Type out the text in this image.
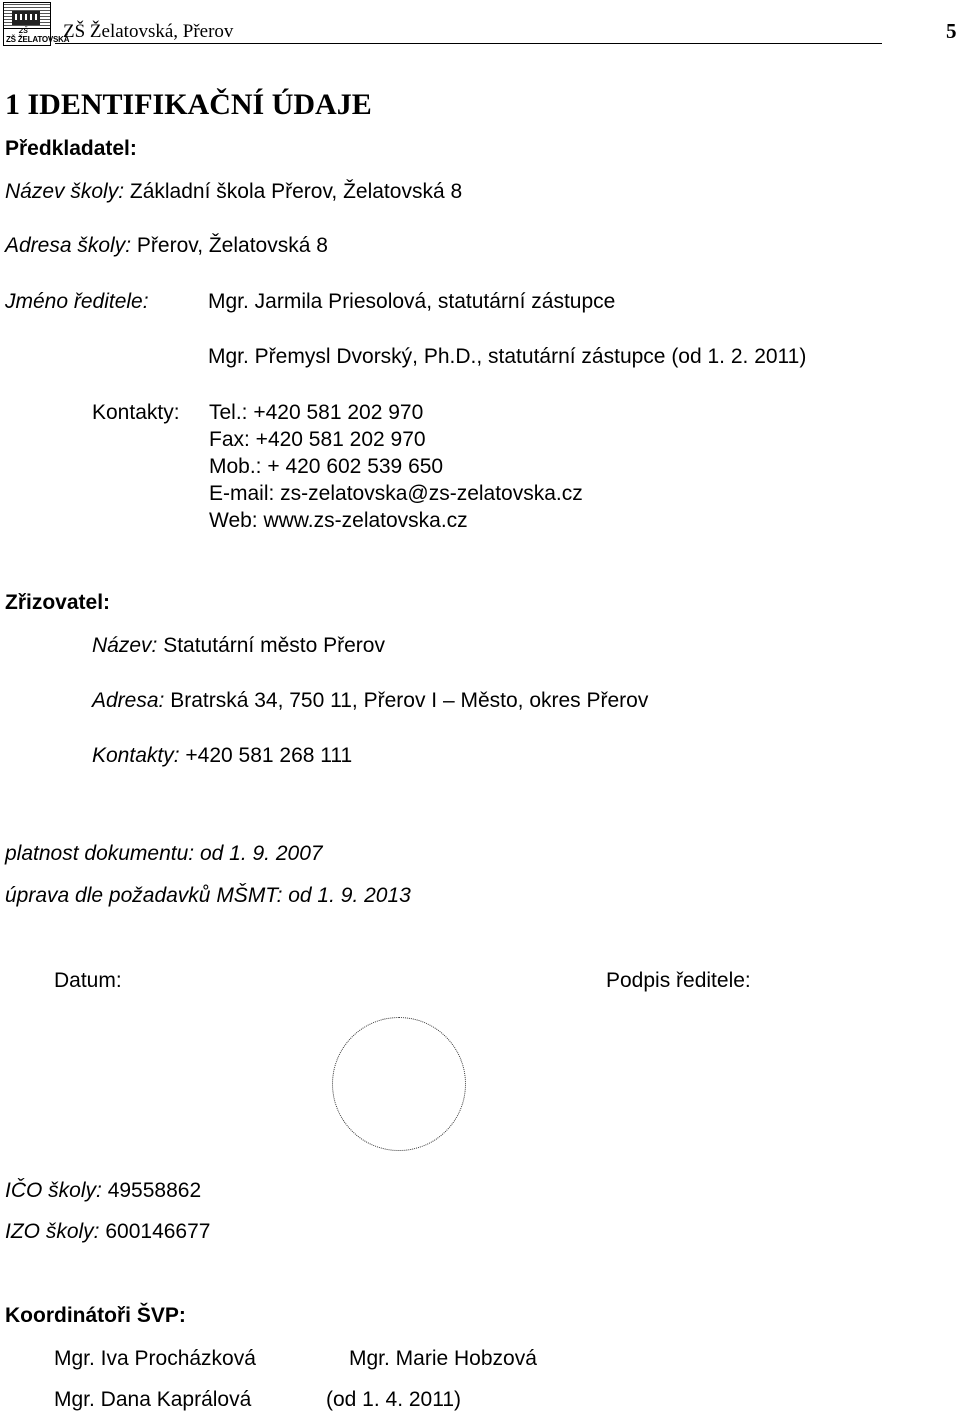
ZŠ
ZŠ ŽELATOVSKÁ
ZŠ Želatovská, Přerov	5
1 IDENTIFIKAČNÍ ÚDAJE
Předkladatel:
Název školy: Základní škola Přerov, Želatovská 8
Adresa školy: Přerov, Želatovská 8
Jméno ředitele:	Mgr. Jarmila Priesolová, statutární zástupce
Mgr. Přemysl Dvorský, Ph.D., statutární zástupce (od 1. 2. 2011)
Kontakty: Tel.: +420 581 202 970
Fax: +420 581 202 970
Mob.: + 420 602 539 650
E-mail: zs-zelatovska@zs-zelatovska.cz
Web: www.zs-zelatovska.cz
Zřizovatel:
Název: Statutární město Přerov
Adresa: Bratrská 34, 750 11, Přerov I – Město, okres Přerov
Kontakty: +420 581 268 111
platnost dokumentu: od 1. 9. 2007
úprava dle požadavků MŠMT: od 1. 9. 2013
Datum:	Podpis ředitele:
IČO školy: 49558862
IZO školy: 600146677
Koordinátoři ŠVP:
Mgr. Iva Procházková	Mgr. Marie Hobzová
Mgr. Dana Kaprálová	(od 1. 4. 2011)
